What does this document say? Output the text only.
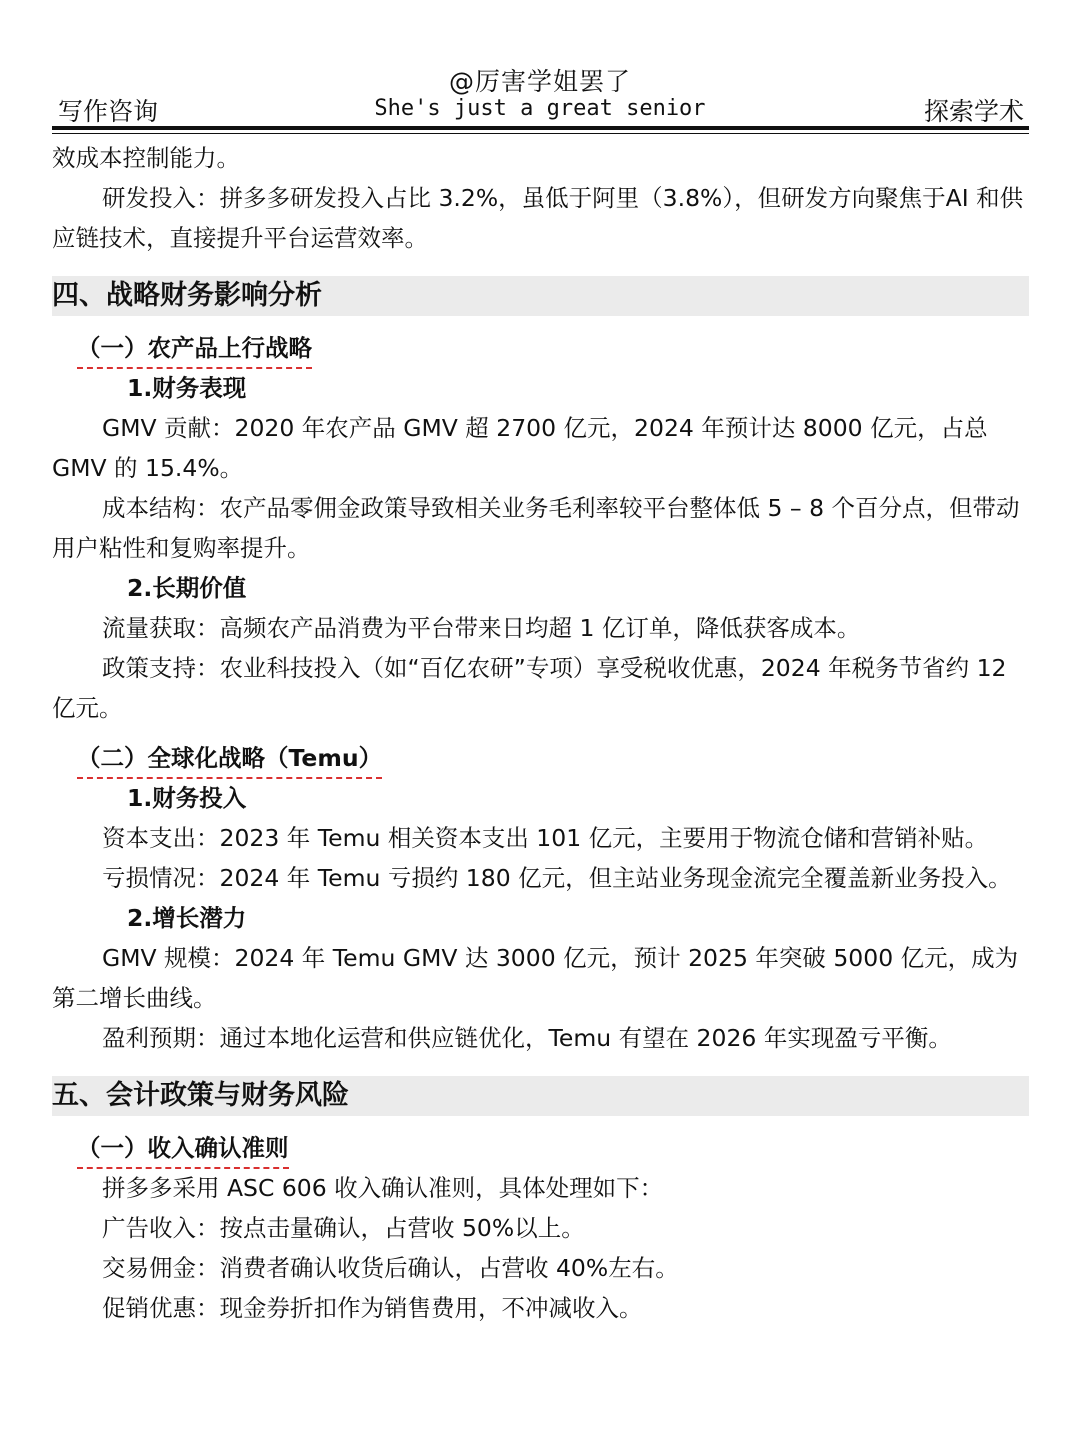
@厉害学姐罢了
写作咨询	She's just a great senior	探索学术

效成本控制能力。

研发投入：拼多多研发投入占比 3.2%，虽低于阿里（3.8%），但研发方向聚焦于AI 和供应链技术，直接提升平台运营效率。

四、战略财务影响分析

（一）农产品上行战略

1.财务表现

GMV 贡献：2020 年农产品 GMV 超 2700 亿元，2024 年预计达 8000 亿元，占总 GMV 的 15.4%。

成本结构：农产品零佣金政策导致相关业务毛利率较平台整体低 5 – 8 个百分点，但带动用户粘性和复购率提升。

2.长期价值

流量获取：高频农产品消费为平台带来日均超 1 亿订单，降低获客成本。

政策支持：农业科技投入（如“百亿农研”专项）享受税收优惠，2024 年税务节省约 12 亿元。

（二）全球化战略（Temu）

1.财务投入

资本支出：2023 年 Temu 相关资本支出 101 亿元，主要用于物流仓储和营销补贴。

亏损情况：2024 年 Temu 亏损约 180 亿元，但主站业务现金流完全覆盖新业务投入。

2.增长潜力

GMV 规模：2024 年 Temu GMV 达 3000 亿元，预计 2025 年突破 5000 亿元，成为第二增长曲线。

盈利预期：通过本地化运营和供应链优化，Temu 有望在 2026 年实现盈亏平衡。

五、会计政策与财务风险

（一）收入确认准则

拼多多采用 ASC 606 收入确认准则，具体处理如下：

广告收入：按点击量确认，占营收 50%以上。

交易佣金：消费者确认收货后确认，占营收 40%左右。

促销优惠：现金券折扣作为销售费用，不冲减收入。
